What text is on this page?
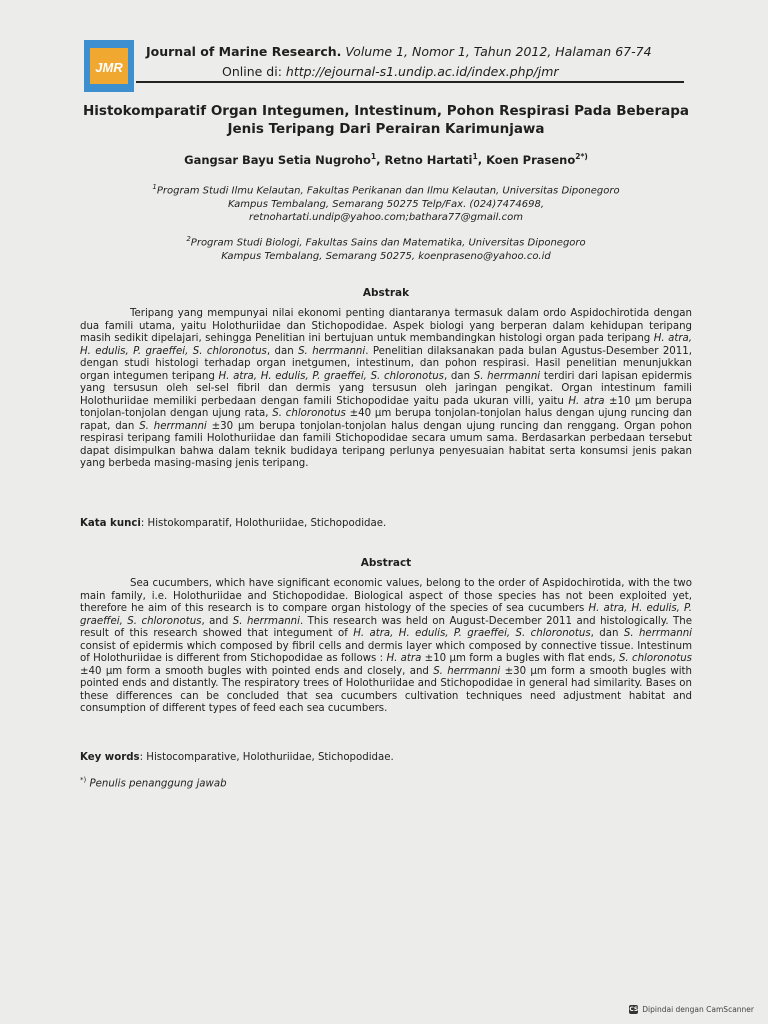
JMR
Journal of Marine Research. Volume 1, Nomor 1, Tahun 2012, Halaman 67-74
Online di: http://ejournal-s1.undip.ac.id/index.php/jmr
Histokomparatif Organ Integumen, Intestinum, Pohon Respirasi Pada Beberapa Jenis Teripang Dari Perairan Karimunjawa
Gangsar Bayu Setia Nugroho$^1$, Retno Hartati$^1$, Koen Praseno$^{2*)}$
$^1$Program Studi Ilmu Kelautan, Fakultas Perikanan dan Ilmu Kelautan, Universitas Diponegoro
Kampus Tembalang, Semarang 50275 Telp/Fax. (024)7474698,
retnohartati.undip@yahoo.com;bathara77@gmail.com
$^2$Program Studi Biologi, Fakultas Sains dan Matematika, Universitas Diponegoro
Kampus Tembalang, Semarang 50275, koenpraseno@yahoo.co.id
Abstrak
Teripang yang mempunyai nilai ekonomi penting diantaranya termasuk dalam ordo Aspidochirotida dengan dua famili utama, yaitu Holothuriidae dan Stichopodidae. Aspek biologi yang berperan dalam kehidupan teripang masih sedikit dipelajari, sehingga Penelitian ini bertujuan untuk membandingkan histologi organ pada teripang H. atra, H. edulis, P. graeffei, S. chloronotus, dan S. herrmanni. Penelitian dilaksanakan pada bulan Agustus-Desember 2011, dengan studi histologi terhadap organ inetgumen, intestinum, dan pohon respirasi. Hasil penelitian menunjukkan organ integumen teripang H. atra, H. edulis, P. graeffei, S. chloronotus, dan S. herrmanni terdiri dari lapisan epidermis yang tersusun oleh sel-sel fibril dan dermis yang tersusun oleh jaringan pengikat. Organ intestinum famili Holothuriidae memiliki perbedaan dengan famili Stichopodidae yaitu pada ukuran villi, yaitu H. atra ±10 μm berupa tonjolan-tonjolan dengan ujung rata, S. chloronotus ±40 μm berupa tonjolan-tonjolan halus dengan ujung runcing dan rapat, dan S. herrmanni ±30 μm berupa tonjolan-tonjolan halus dengan ujung runcing dan renggang. Organ pohon respirasi teripang famili Holothuriidae dan famili Stichopodidae secara umum sama. Berdasarkan perbedaan tersebut dapat disimpulkan bahwa dalam teknik budidaya teripang perlunya penyesuaian habitat serta konsumsi jenis pakan yang berbeda masing-masing jenis teripang.
Kata kunci: Histokomparatif, Holothuriidae, Stichopodidae.
Abstract
Sea cucumbers, which have significant economic values, belong to the order of Aspidochirotida, with the two main family, i.e. Holothuriidae and Stichopodidae. Biological aspect of those species has not been exploited yet, therefore he aim of this research is to compare organ histology of the species of sea cucumbers H. atra, H. edulis, P. graeffei, S. chloronotus, and S. herrmanni. This research was held on August-December 2011 and histologically. The result of this research showed that integument of H. atra, H. edulis, P. graeffei, S. chloronotus, dan S. herrmanni consist of epidermis which composed by fibril cells and dermis layer which composed by connective tissue. Intestinum of Holothuriidae is different from Stichopodidae as follows : H. atra ±10 μm form a bugles with flat ends, S. chloronotus ±40 μm form a smooth bugles with pointed ends and closely, and S. herrmanni ±30 μm form a smooth bugles with pointed ends and distantly. The respiratory trees of Holothuriidae and Stichopodidae in general had similarity. Bases on these differences can be concluded that sea cucumbers cultivation techniques need adjustment habitat and consumption of different types of feed each sea cucumbers.
Key words: Histocomparative, Holothuriidae, Stichopodidae.
*) Penulis penanggung jawab
CS Dipindai dengan CamScanner
